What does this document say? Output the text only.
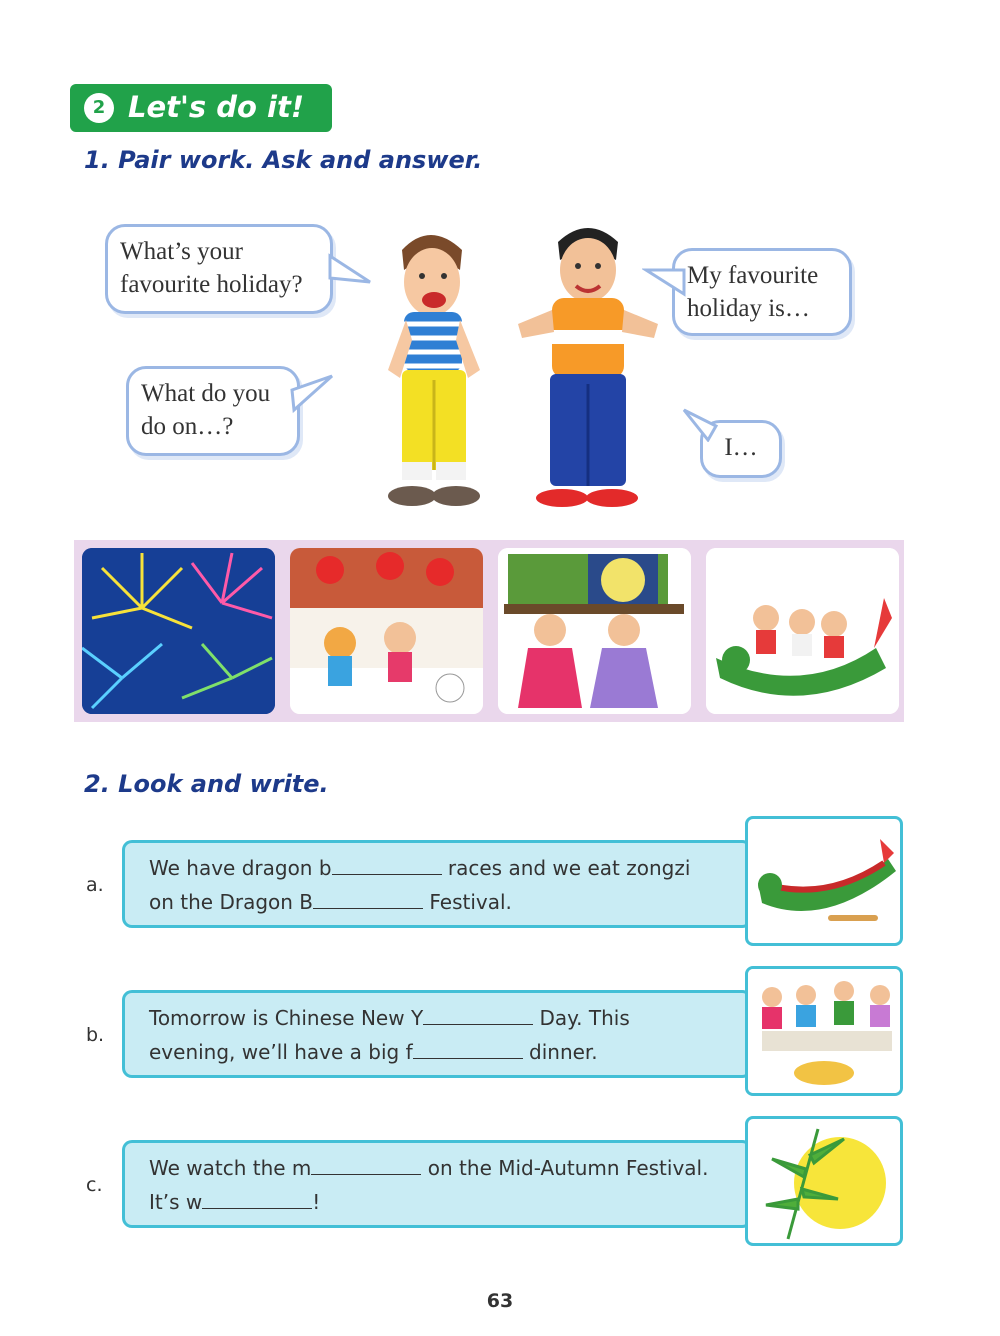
2 Let's do it!
1. Pair work. Ask and answer.
What’s your
favourite holiday?
What do you
do on…?
My favourite
holiday is…
I…
2. Look and write.
a.
We have dragon b	races and we eat zongzi
on the Dragon B	Festival.
b.
Tomorrow is Chinese New Y	Day. This
evening, we’ll have a big f	dinner.
c.
We watch the m	on the Mid-Autumn Festival.
It’s w	!
63
